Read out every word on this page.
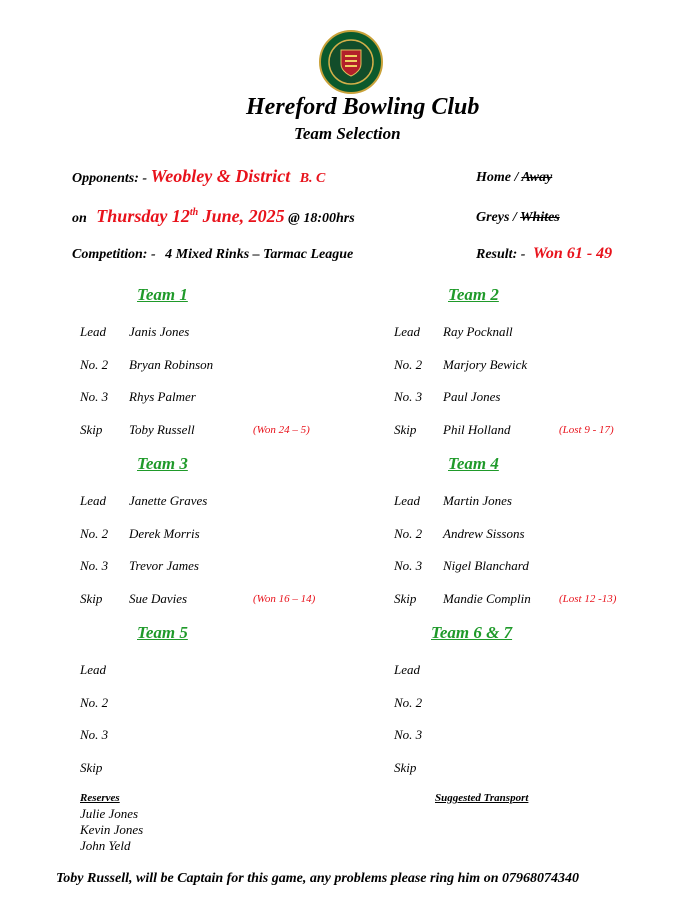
Hereford Bowling Club
Team Selection
Opponents: - Weobley & District B. C	Home / Away
on Thursday 12th June, 2025 @ 18:00hrs	Greys / Whites
Competition: - 4 Mixed Rinks – Tarmac League	Result: - Won 61 - 49
Team 1
Lead Janis Jones
No. 2 Bryan Robinson
No. 3 Rhys Palmer
Skip Toby Russell	(Won 24 – 5)
Team 2
Lead Ray Pocknall
No. 2 Marjory Bewick
No. 3 Paul Jones
Skip Phil Holland	(Lost 9 - 17)
Team 3
Lead Janette Graves
No. 2 Derek Morris
No. 3 Trevor James
Skip Sue Davies	(Won 16 – 14)
Team 4
Lead Martin Jones
No. 2 Andrew Sissons
No. 3 Nigel Blanchard
Skip Mandie Complin	(Lost 12 -13)
Team 5
Lead
No. 2
No. 3
Skip
Team 6 & 7
Lead
No. 2
No. 3
Skip
Reserves
Julie Jones
Kevin Jones
John Yeld
Suggested Transport
Toby Russell, will be Captain for this game, any problems please ring him on 07968074340
